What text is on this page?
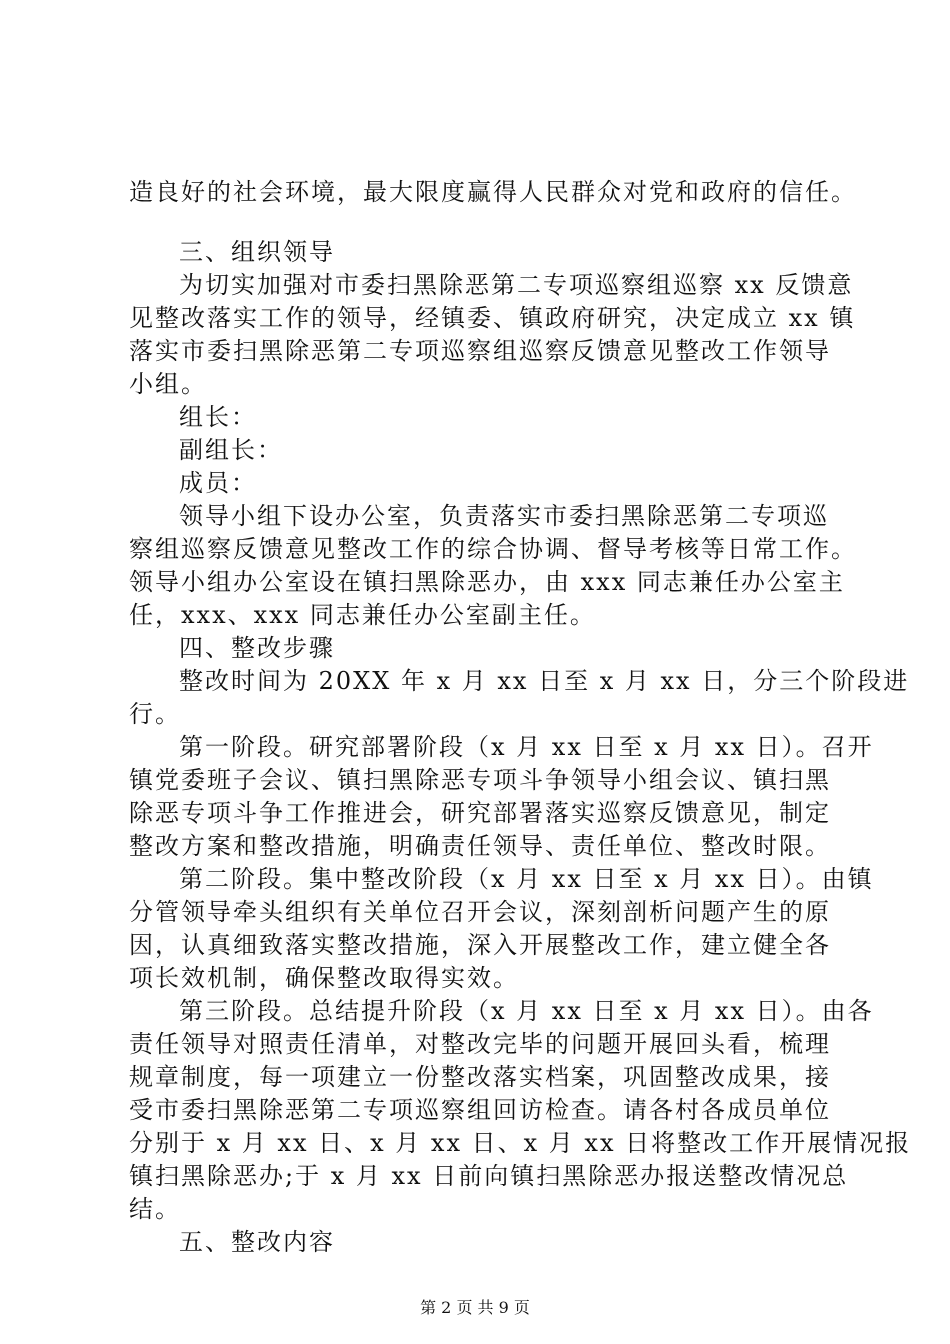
造良好的社会环境，最大限度赢得人民群众对党和政府的信任。
三、组织领导
为切实加强对市委扫黑除恶第二专项巡察组巡察 xx 反馈意
见整改落实工作的领导，经镇委、镇政府研究，决定成立 xx 镇
落实市委扫黑除恶第二专项巡察组巡察反馈意见整改工作领导
小组。
组长：
副组长：
成员：
领导小组下设办公室，负责落实市委扫黑除恶第二专项巡
察组巡察反馈意见整改工作的综合协调、督导考核等日常工作。
领导小组办公室设在镇扫黑除恶办，由 xxx 同志兼任办公室主
任，xxx、xxx 同志兼任办公室副主任。
四、整改步骤
整改时间为 20XX 年 x 月 xx 日至 x 月 xx 日，分三个阶段进
行。
第一阶段。研究部署阶段（x 月 xx 日至 x 月 xx 日）。召开
镇党委班子会议、镇扫黑除恶专项斗争领导小组会议、镇扫黑
除恶专项斗争工作推进会，研究部署落实巡察反馈意见，制定
整改方案和整改措施，明确责任领导、责任单位、整改时限。
第二阶段。集中整改阶段（x 月 xx 日至 x 月 xx 日）。由镇
分管领导牵头组织有关单位召开会议，深刻剖析问题产生的原
因，认真细致落实整改措施，深入开展整改工作，建立健全各
项长效机制，确保整改取得实效。
第三阶段。总结提升阶段（x 月 xx 日至 x 月 xx 日）。由各
责任领导对照责任清单，对整改完毕的问题开展回头看，梳理
规章制度，每一项建立一份整改落实档案，巩固整改成果，接
受市委扫黑除恶第二专项巡察组回访检查。请各村各成员单位
分别于 x 月 xx 日、x 月 xx 日、x 月 xx 日将整改工作开展情况报
镇扫黑除恶办;于 x 月 xx 日前向镇扫黑除恶办报送整改情况总
结。
五、整改内容
第 2 页 共 9 页
